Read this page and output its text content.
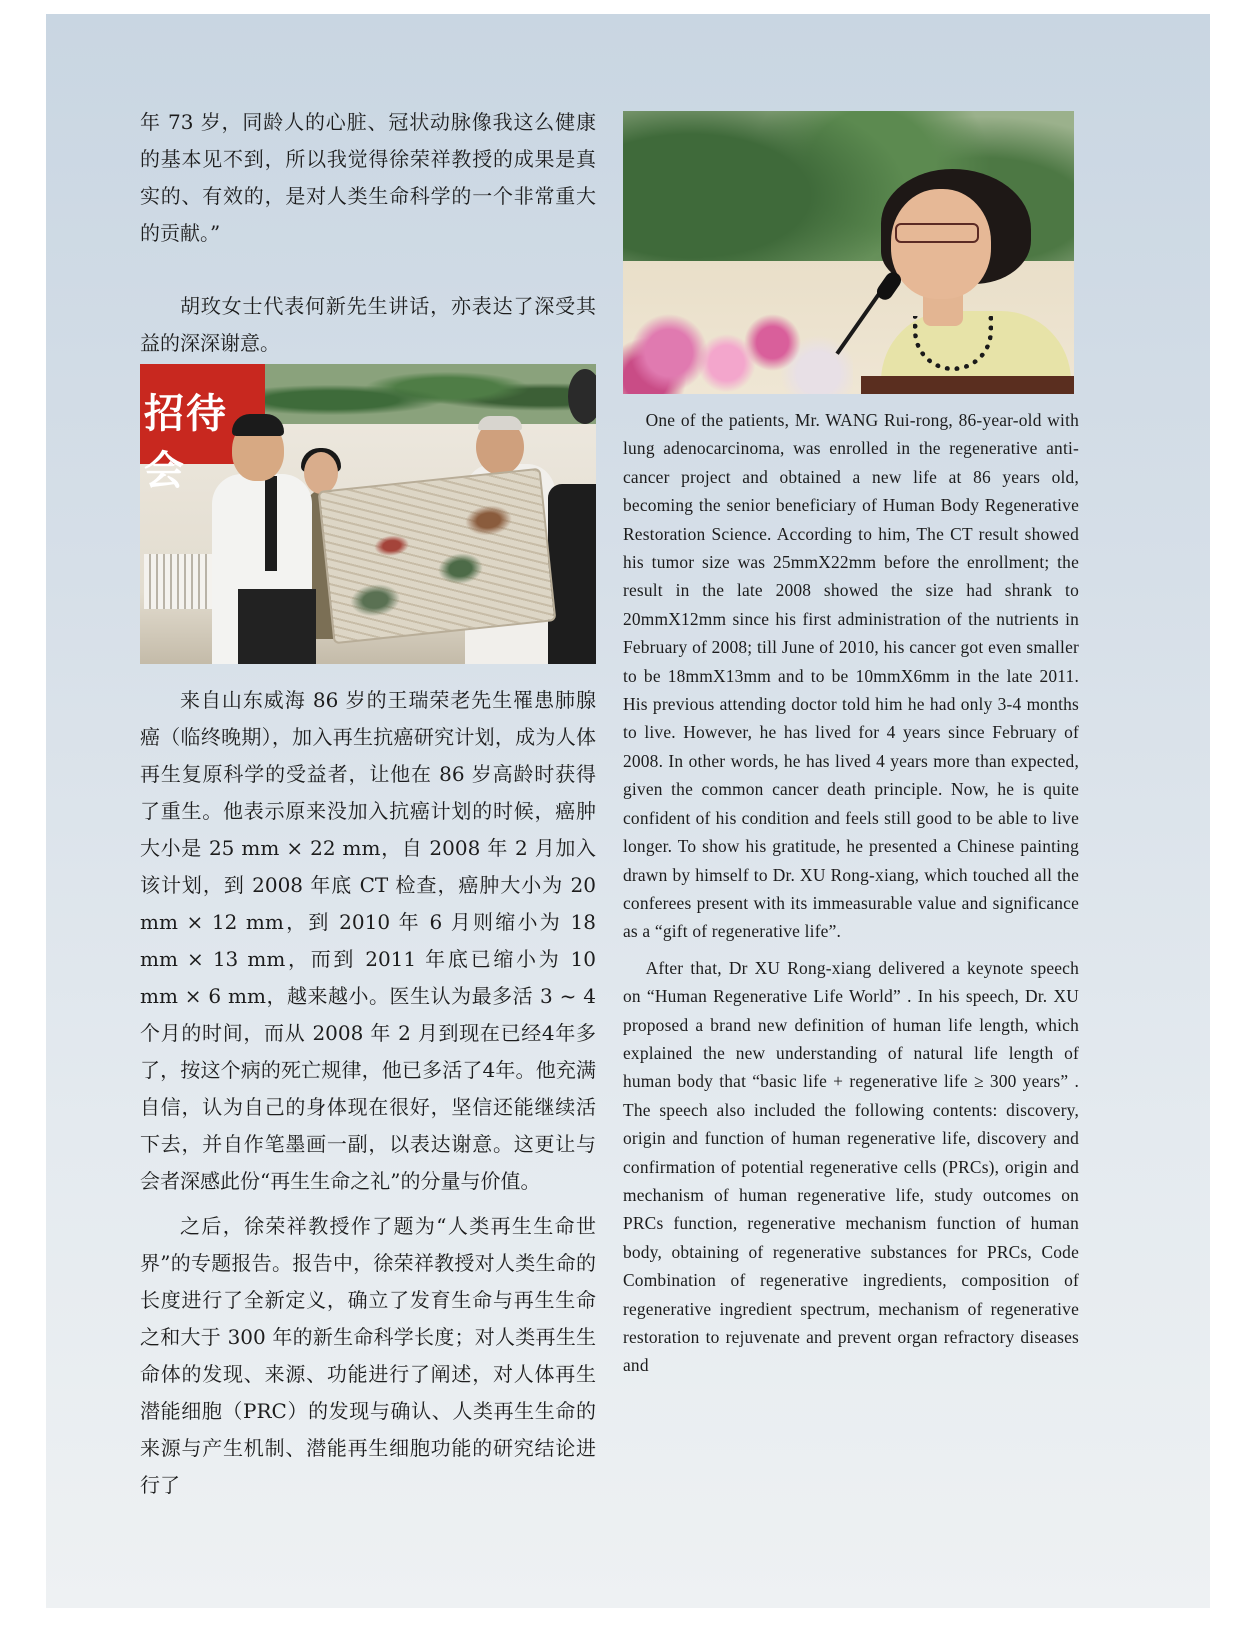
年 73 岁，同龄人的心脏、冠状动脉像我这么健康的基本见不到，所以我觉得徐荣祥教授的成果是真实的、有效的，是对人类生命科学的一个非常重大的贡献。”

胡玫女士代表何新先生讲话，亦表达了深受其益的深深谢意。

招待会

来自山东威海 86 岁的王瑞荣老先生罹患肺腺癌（临终晚期），加入再生抗癌研究计划，成为人体再生复原科学的受益者，让他在 86 岁高龄时获得了重生。他表示原来没加入抗癌计划的时候，癌肿大小是 25 mm × 22 mm，自 2008 年 2 月加入该计划，到 2008 年底 CT 检查，癌肿大小为 20 mm × 12 mm，到 2010 年 6 月则缩小为 18 mm × 13 mm，而到 2011 年底已缩小为 10 mm × 6 mm，越来越小。医生认为最多活 3 ~ 4 个月的时间，而从 2008 年 2 月到现在已经4年多了，按这个病的死亡规律，他已多活了4年。他充满自信，认为自己的身体现在很好，坚信还能继续活下去，并自作笔墨画一副，以表达谢意。这更让与会者深感此份“再生生命之礼”的分量与价值。

之后，徐荣祥教授作了题为“人类再生生命世界”的专题报告。报告中，徐荣祥教授对人类生命的长度进行了全新定义，确立了发育生命与再生生命之和大于 300 年的新生命科学长度；对人类再生生命体的发现、来源、功能进行了阐述，对人体再生潜能细胞（PRC）的发现与确认、人类再生生命的来源与产生机制、潜能再生细胞功能的研究结论进行了

One of the patients, Mr. WANG Rui-rong, 86-year-old with lung adenocarcinoma, was enrolled in the regenerative anti-cancer project and obtained a new life at 86 years old, becoming the senior beneficiary of Human Body Regenerative Restoration Science. According to him, The CT result showed his tumor size was 25mmX22mm before the enrollment; the result in the late 2008 showed the size had shrank to 20mmX12mm since his first administration of the nutrients in February of 2008; till June of 2010, his cancer got even smaller to be 18mmX13mm and to be 10mmX6mm in the late 2011. His previous attending doctor told him he had only 3-4 months to live. However, he has lived for 4 years since February of 2008. In other words, he has lived 4 years more than expected, given the common cancer death principle. Now, he is quite confident of his condition and feels still good to be able to live longer. To show his gratitude, he presented a Chinese painting drawn by himself to Dr. XU Rong-xiang, which touched all the conferees present with its immeasurable value and significance as a “gift of regenerative life”.

After that, Dr XU Rong-xiang delivered a keynote speech on “Human Regenerative Life World” . In his speech, Dr. XU proposed a brand new definition of human life length, which explained the new understanding of natural life length of human body that “basic life + regenerative life ≥ 300 years” . The speech also included the following contents: discovery, origin and function of human regenerative life, discovery and confirmation of potential regenerative cells (PRCs), origin and mechanism of human regenerative life, study outcomes on PRCs function, regenerative mechanism function of human body, obtaining of regenerative substances for PRCs, Code Combination of regenerative ingredients, composition of regenerative ingredient spectrum, mechanism of regenerative restoration to rejuvenate and prevent organ refractory diseases and
